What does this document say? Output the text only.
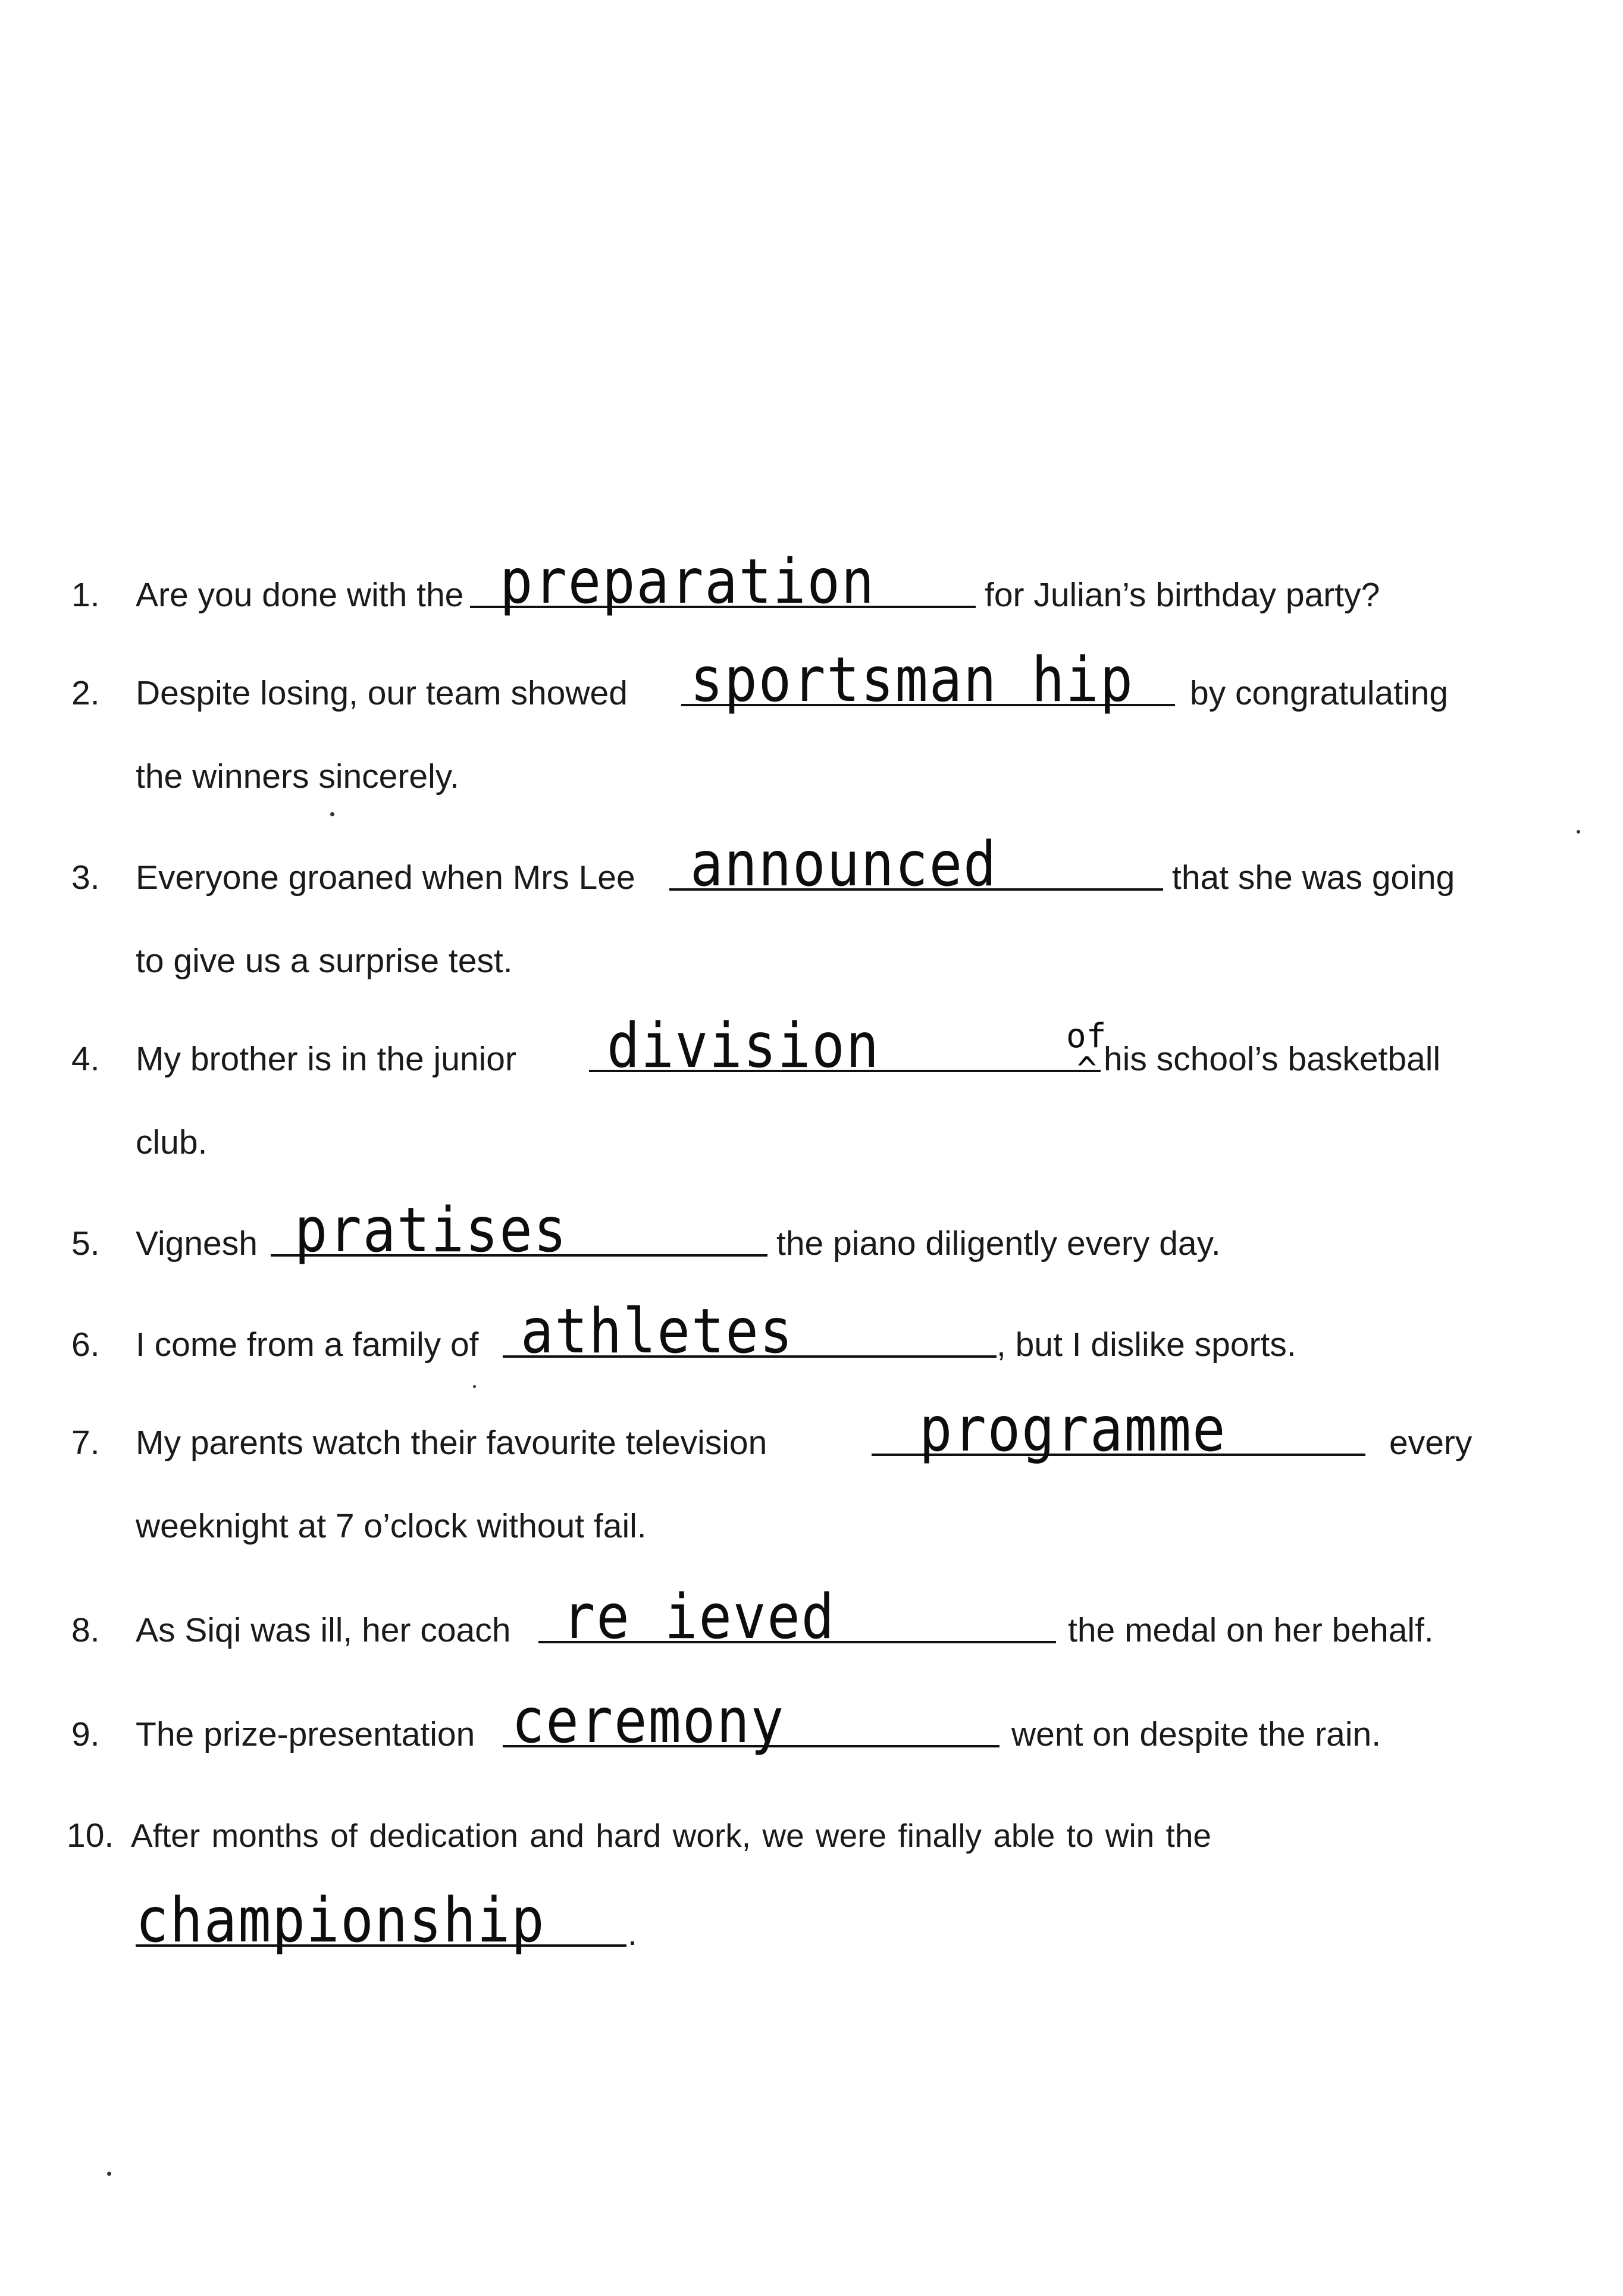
1. Are you done with the preparation	for Julian’s birthday party?
2. Despite losing, our team showed sportsman hip by congratulating
the winners sincerely.
3. Everyone groaned when Mrs Lee announced	that she was going
to give us a surprise test.
4. My brother is in the junior division	of
^ his school’s basketball
club.
5. Vignesh pratises	the piano diligently every day.
6. I come from a family of athletes	, but I dislike sports.
7. My parents watch their favourite television	programme	every
weeknight at 7 o’clock without fail.
8. As Siqi was ill, her coach re ieved	the medal on her behalf.
9. The prize-presentation ceremony	went on despite the rain.
10. After months of dedication and hard work, we were finally able to win the
championship .
